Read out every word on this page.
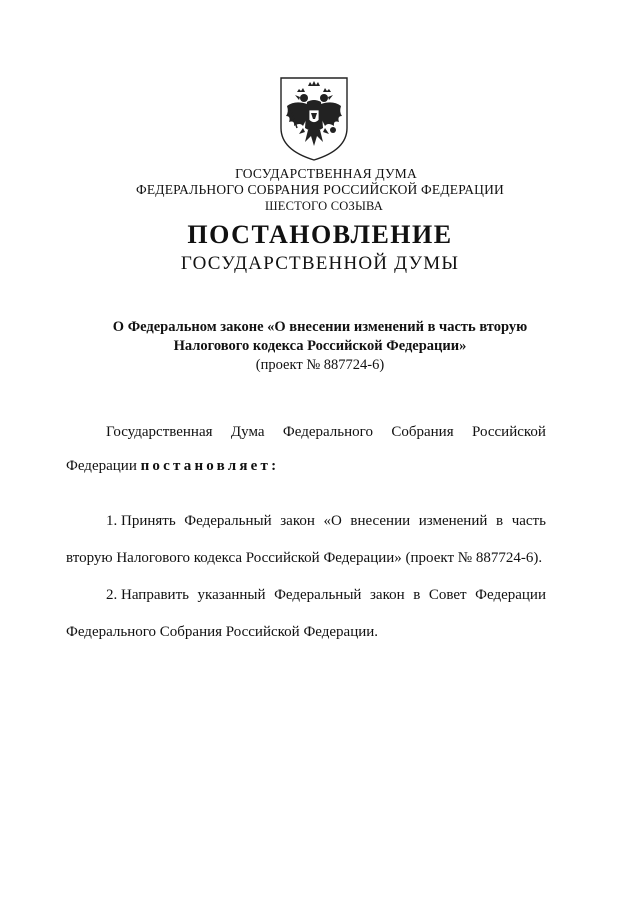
ГОСУДАРСТВЕННАЯ ДУМА
ФЕДЕРАЛЬНОГО СОБРАНИЯ РОССИЙСКОЙ ФЕДЕРАЦИИ
ШЕСТОГО СОЗЫВА
ПОСТАНОВЛЕНИЕ
ГОСУДАРСТВЕННОЙ ДУМЫ
О Федеральном законе «О внесении изменений в часть вторую
Налогового кодекса Российской Федерации»
(проект № 887724-6)
Государственная Дума Федерального Собрания Российской
Федерации постановляет:
1. Принять Федеральный закон «О внесении изменений в часть
вторую Налогового кодекса Российской Федерации» (проект № 887724-6).
2. Направить указанный Федеральный закон в Совет Федерации
Федерального Собрания Российской Федерации.
